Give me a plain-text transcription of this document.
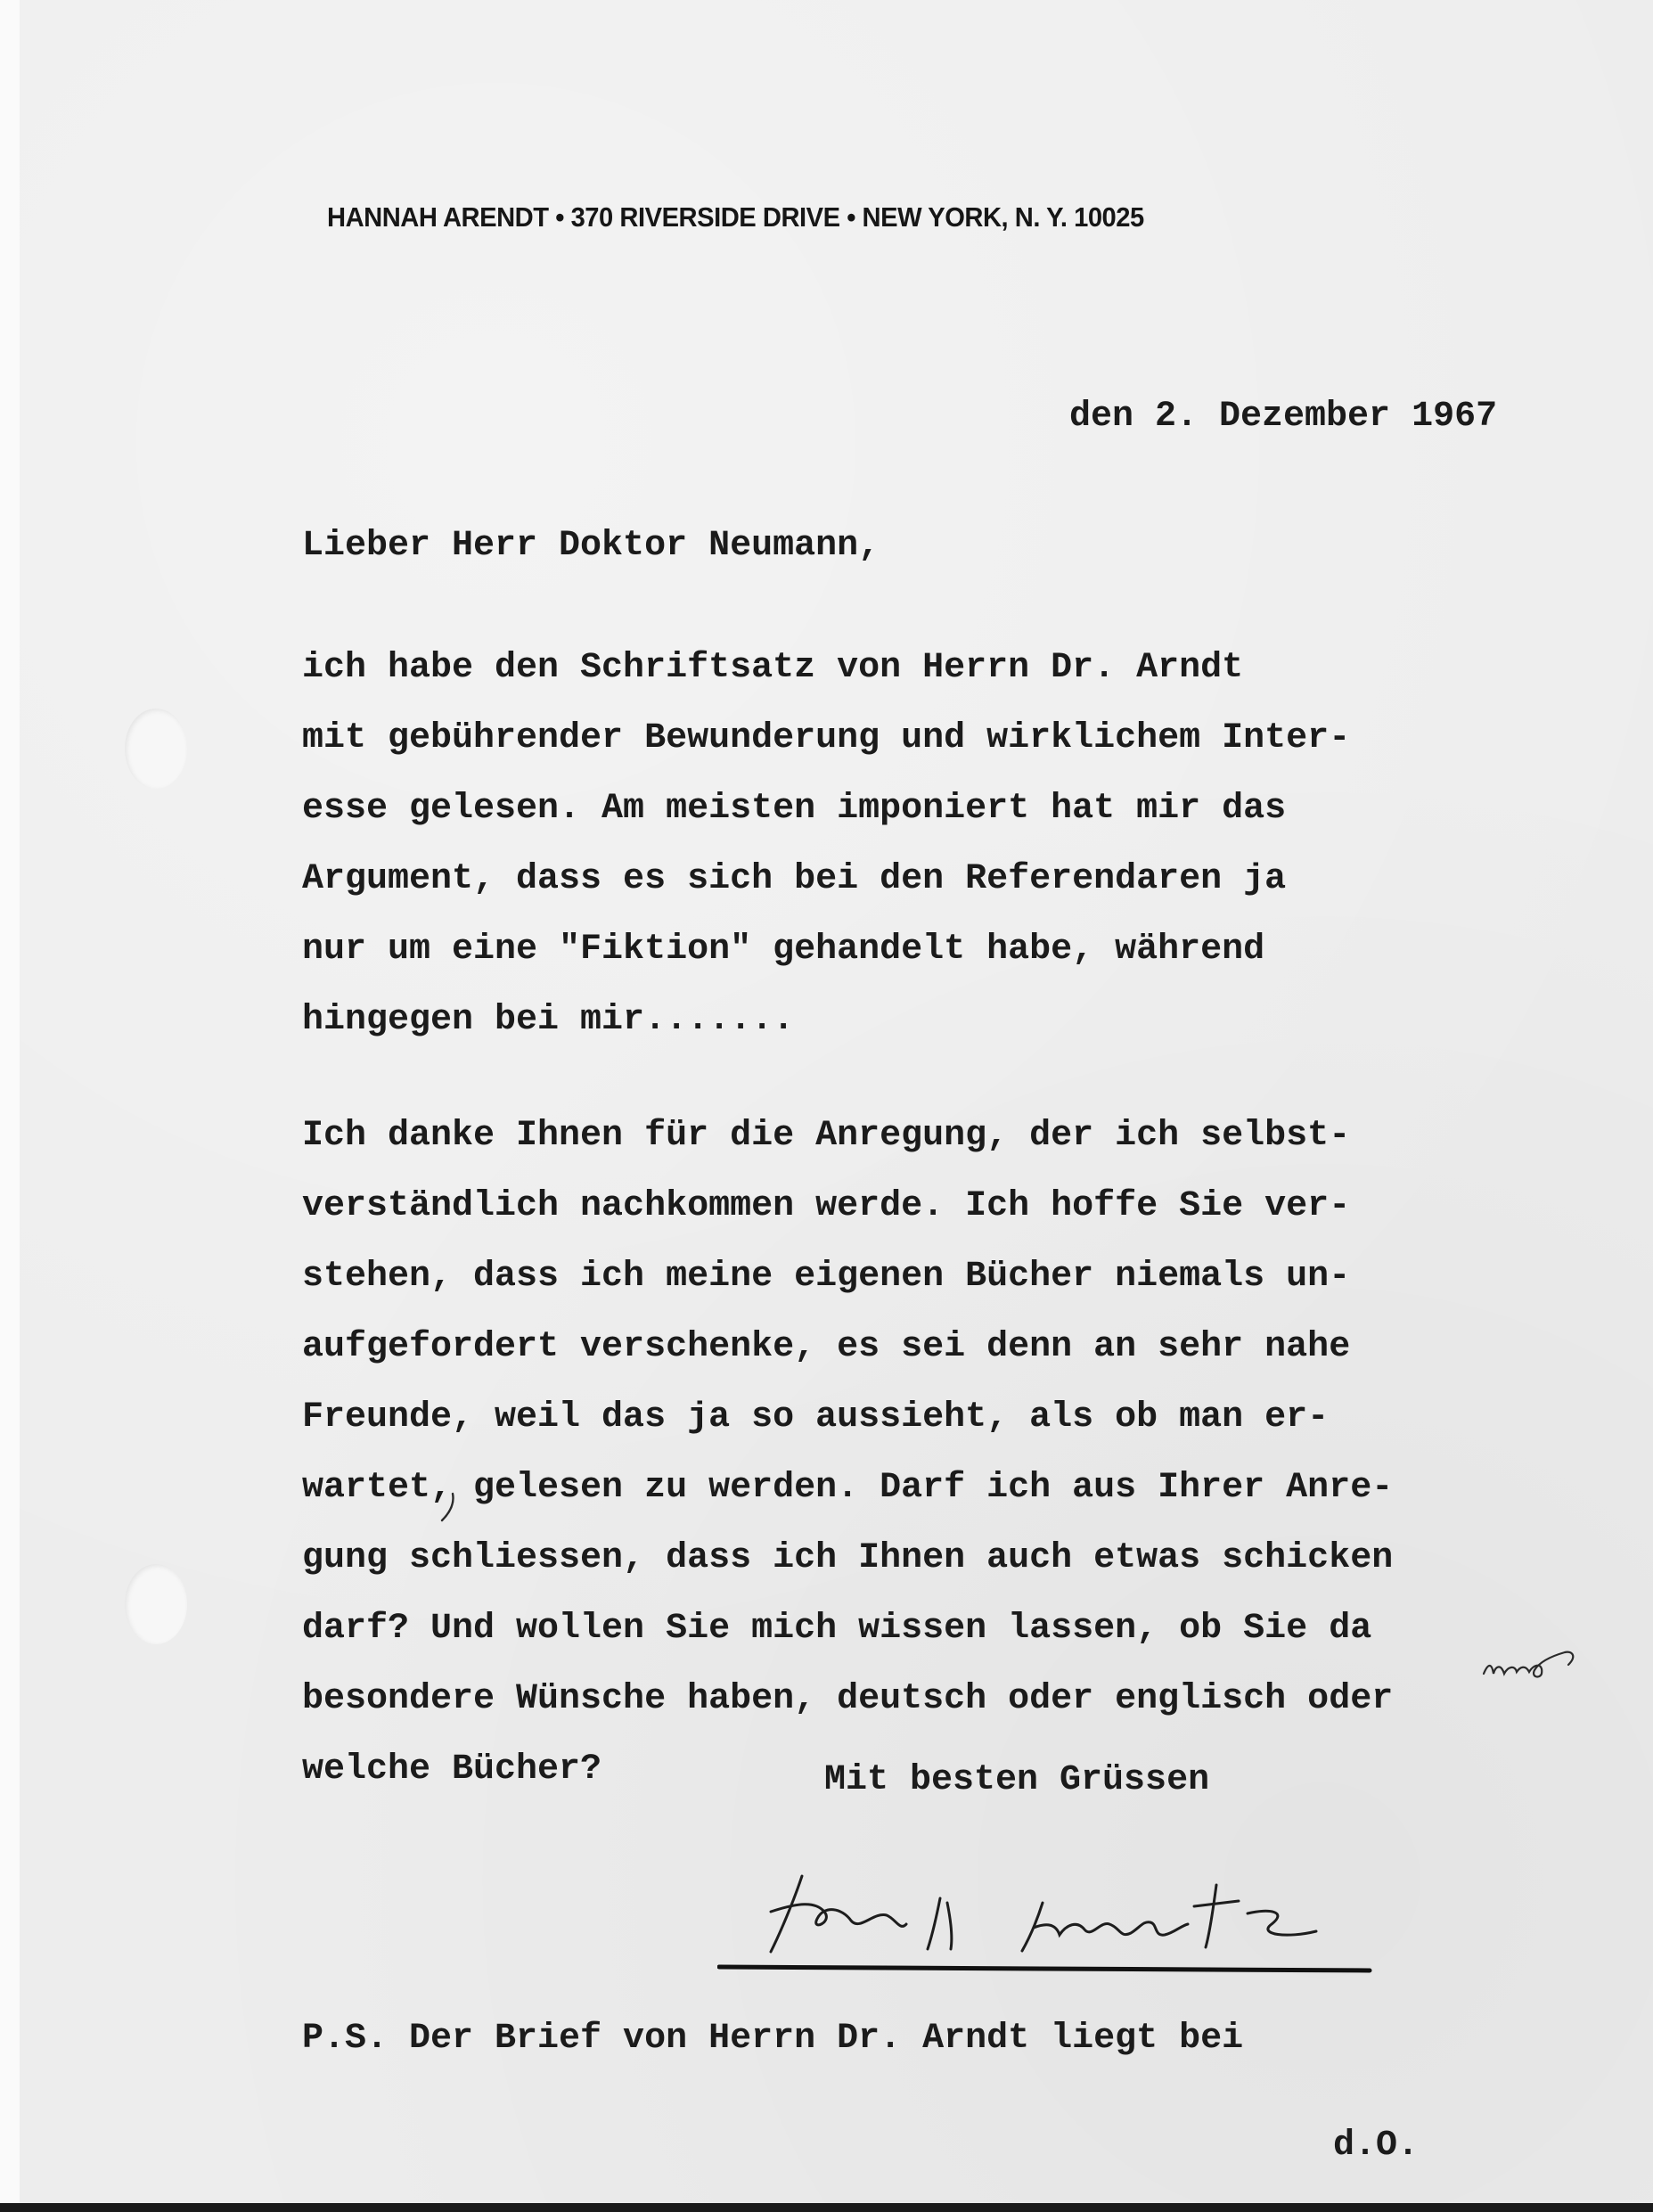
HANNAH ARENDT • 370 RIVERSIDE DRIVE • NEW YORK, N. Y. 10025
den 2. Dezember 1967
Lieber Herr Doktor Neumann,
ich habe den Schriftsatz von Herrn Dr. Arndt
mit gebührender Bewunderung und wirklichem Inter-
esse gelesen. Am meisten imponiert hat mir das
Argument, dass es sich bei den Referendaren ja
nur um eine "Fiktion" gehandelt habe, während
hingegen bei mir.......
Ich danke Ihnen für die Anregung, der ich selbst-
verständlich nachkommen werde. Ich hoffe Sie ver-
stehen, dass ich meine eigenen Bücher niemals un-
aufgefordert verschenke, es sei denn an sehr nahe
Freunde, weil das ja so aussieht, als ob man er-
wartet, gelesen zu werden. Darf ich aus Ihrer Anre-
gung schliessen, dass ich Ihnen auch etwas schicken
darf? Und wollen Sie mich wissen lassen, ob Sie da
besondere Wünsche haben, deutsch oder englisch oder
welche Bücher?	Mit besten Grüssen
P.S. Der Brief von Herrn Dr. Arndt liegt bei
d.O.
